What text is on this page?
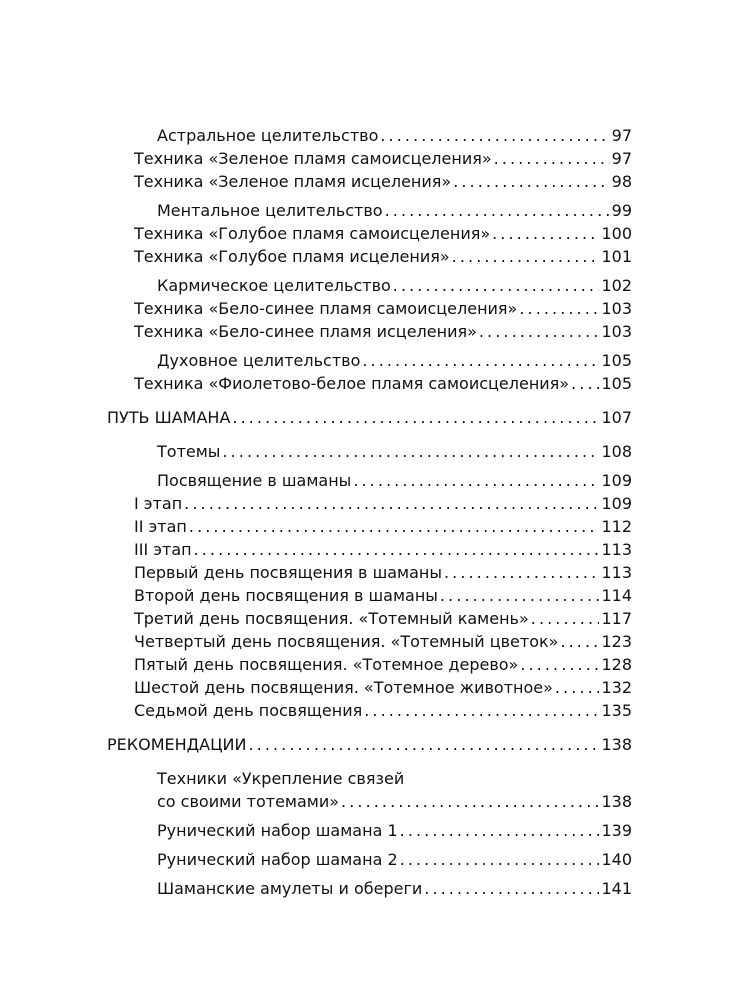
Астральное целительство . . .	97
Техника «Зеленое пламя самоисцеления» . . .	97
Техника «Зеленое пламя исцеления» . . .	98
Ментальное целительство . . .	99
Техника «Голубое пламя самоисцеления» . . .	100
Техника «Голубое пламя исцеления» . . .	101
Кармическое целительство . . .	102
Техника «Бело-синее пламя самоисцеления» . . .	103
Техника «Бело-синее пламя исцеления» . . .	103
Духовное целительство . . .	105
Техника «Фиолетово-белое пламя самоисцеления» . . . 105
ПУТЬ ШАМАНА . . .	107
Тотемы . . .	108
Посвящение в шаманы . . .	109
I этап . . .	109
II этап . . .	112
III этап . . .	113
Первый день посвящения в шаманы . . .	113
Второй день посвящения в шаманы . . .	114
Третий день посвящения. «Тотемный камень» . . .	117
Четвертый день посвящения. «Тотемный цветок» . . .	123
Пятый день посвящения. «Тотемное дерево» . . .	128
Шестой день посвящения. «Тотемное животное» . . .	132
Седьмой день посвящения . . .	135
РЕКОМЕНДАЦИИ . . .	138
Техники «Укрепление связей
со своими тотемами» . . .	138
Рунический набор шамана 1 . . .	139
Рунический набор шамана 2 . . .	140
Шаманские амулеты и обереги . . .	141
